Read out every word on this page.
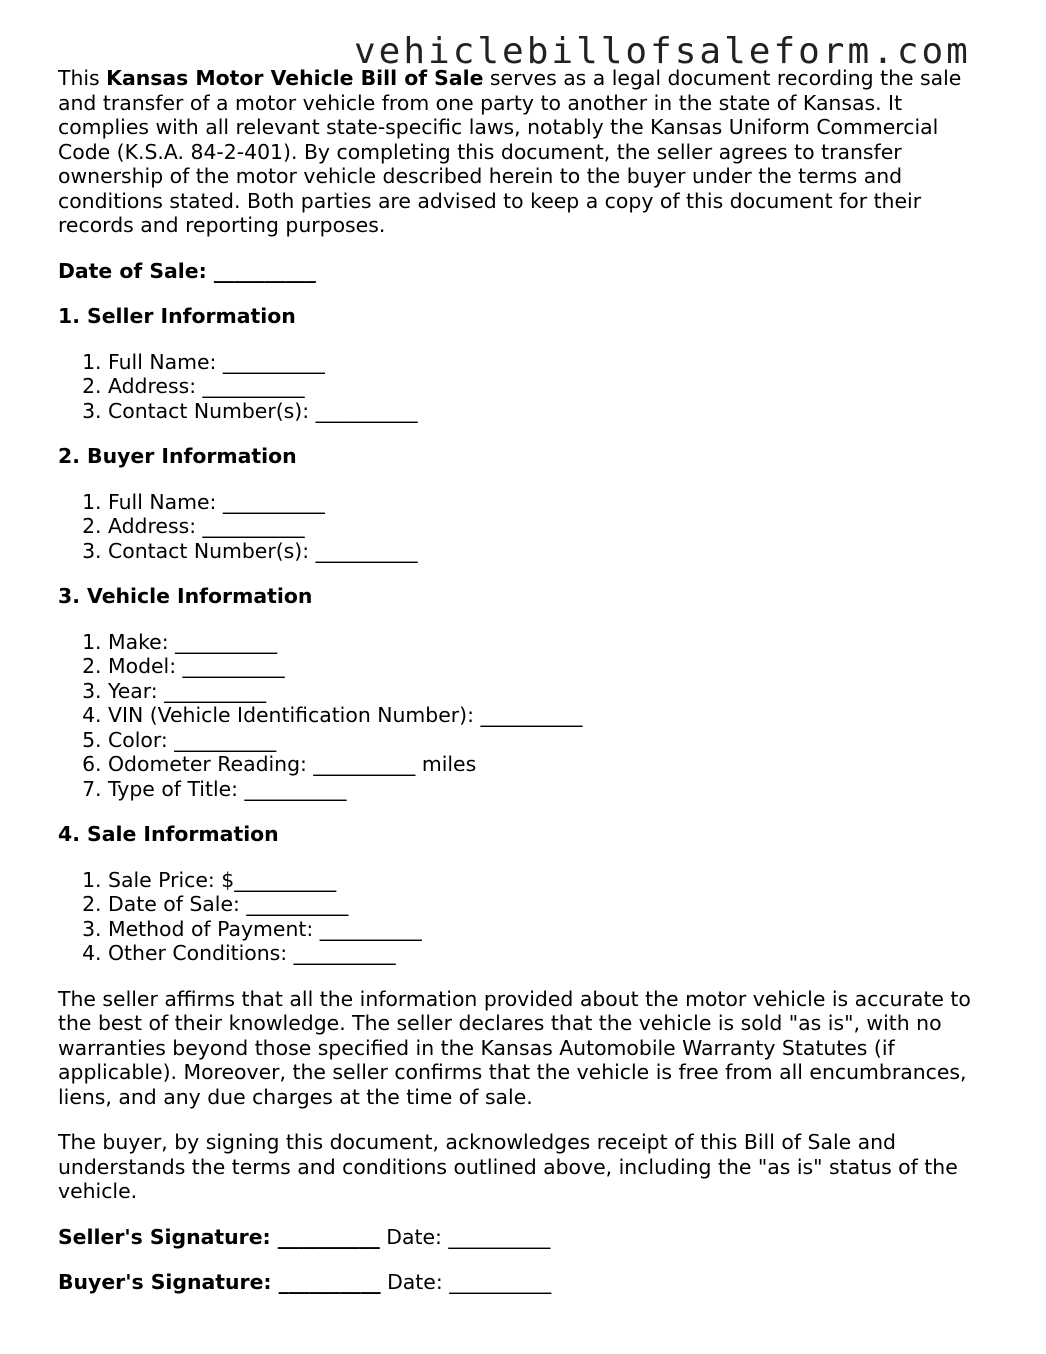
vehiclebillofsaleform.com

This Kansas Motor Vehicle Bill of Sale serves as a legal document recording the sale and transfer of a motor vehicle from one party to another in the state of Kansas. It complies with all relevant state-specific laws, notably the Kansas Uniform Commercial Code (K.S.A. 84-2-401). By completing this document, the seller agrees to transfer ownership of the motor vehicle described herein to the buyer under the terms and conditions stated. Both parties are advised to keep a copy of this document for their records and reporting purposes.

Date of Sale: __________

1. Seller Information

1. Full Name: __________
2. Address: __________
3. Contact Number(s): __________

2. Buyer Information

1. Full Name: __________
2. Address: __________
3. Contact Number(s): __________

3. Vehicle Information

1. Make: __________
2. Model: __________
3. Year: __________
4. VIN (Vehicle Identification Number): __________
5. Color: __________
6. Odometer Reading: __________ miles
7. Type of Title: __________

4. Sale Information

1. Sale Price: $__________
2. Date of Sale: __________
3. Method of Payment: __________
4. Other Conditions: __________

The seller affirms that all the information provided about the motor vehicle is accurate to the best of their knowledge. The seller declares that the vehicle is sold "as is", with no warranties beyond those specified in the Kansas Automobile Warranty Statutes (if applicable). Moreover, the seller confirms that the vehicle is free from all encumbrances, liens, and any due charges at the time of sale.

The buyer, by signing this document, acknowledges receipt of this Bill of Sale and understands the terms and conditions outlined above, including the "as is" status of the vehicle.

Seller's Signature: __________ Date: __________

Buyer's Signature: __________ Date: __________
